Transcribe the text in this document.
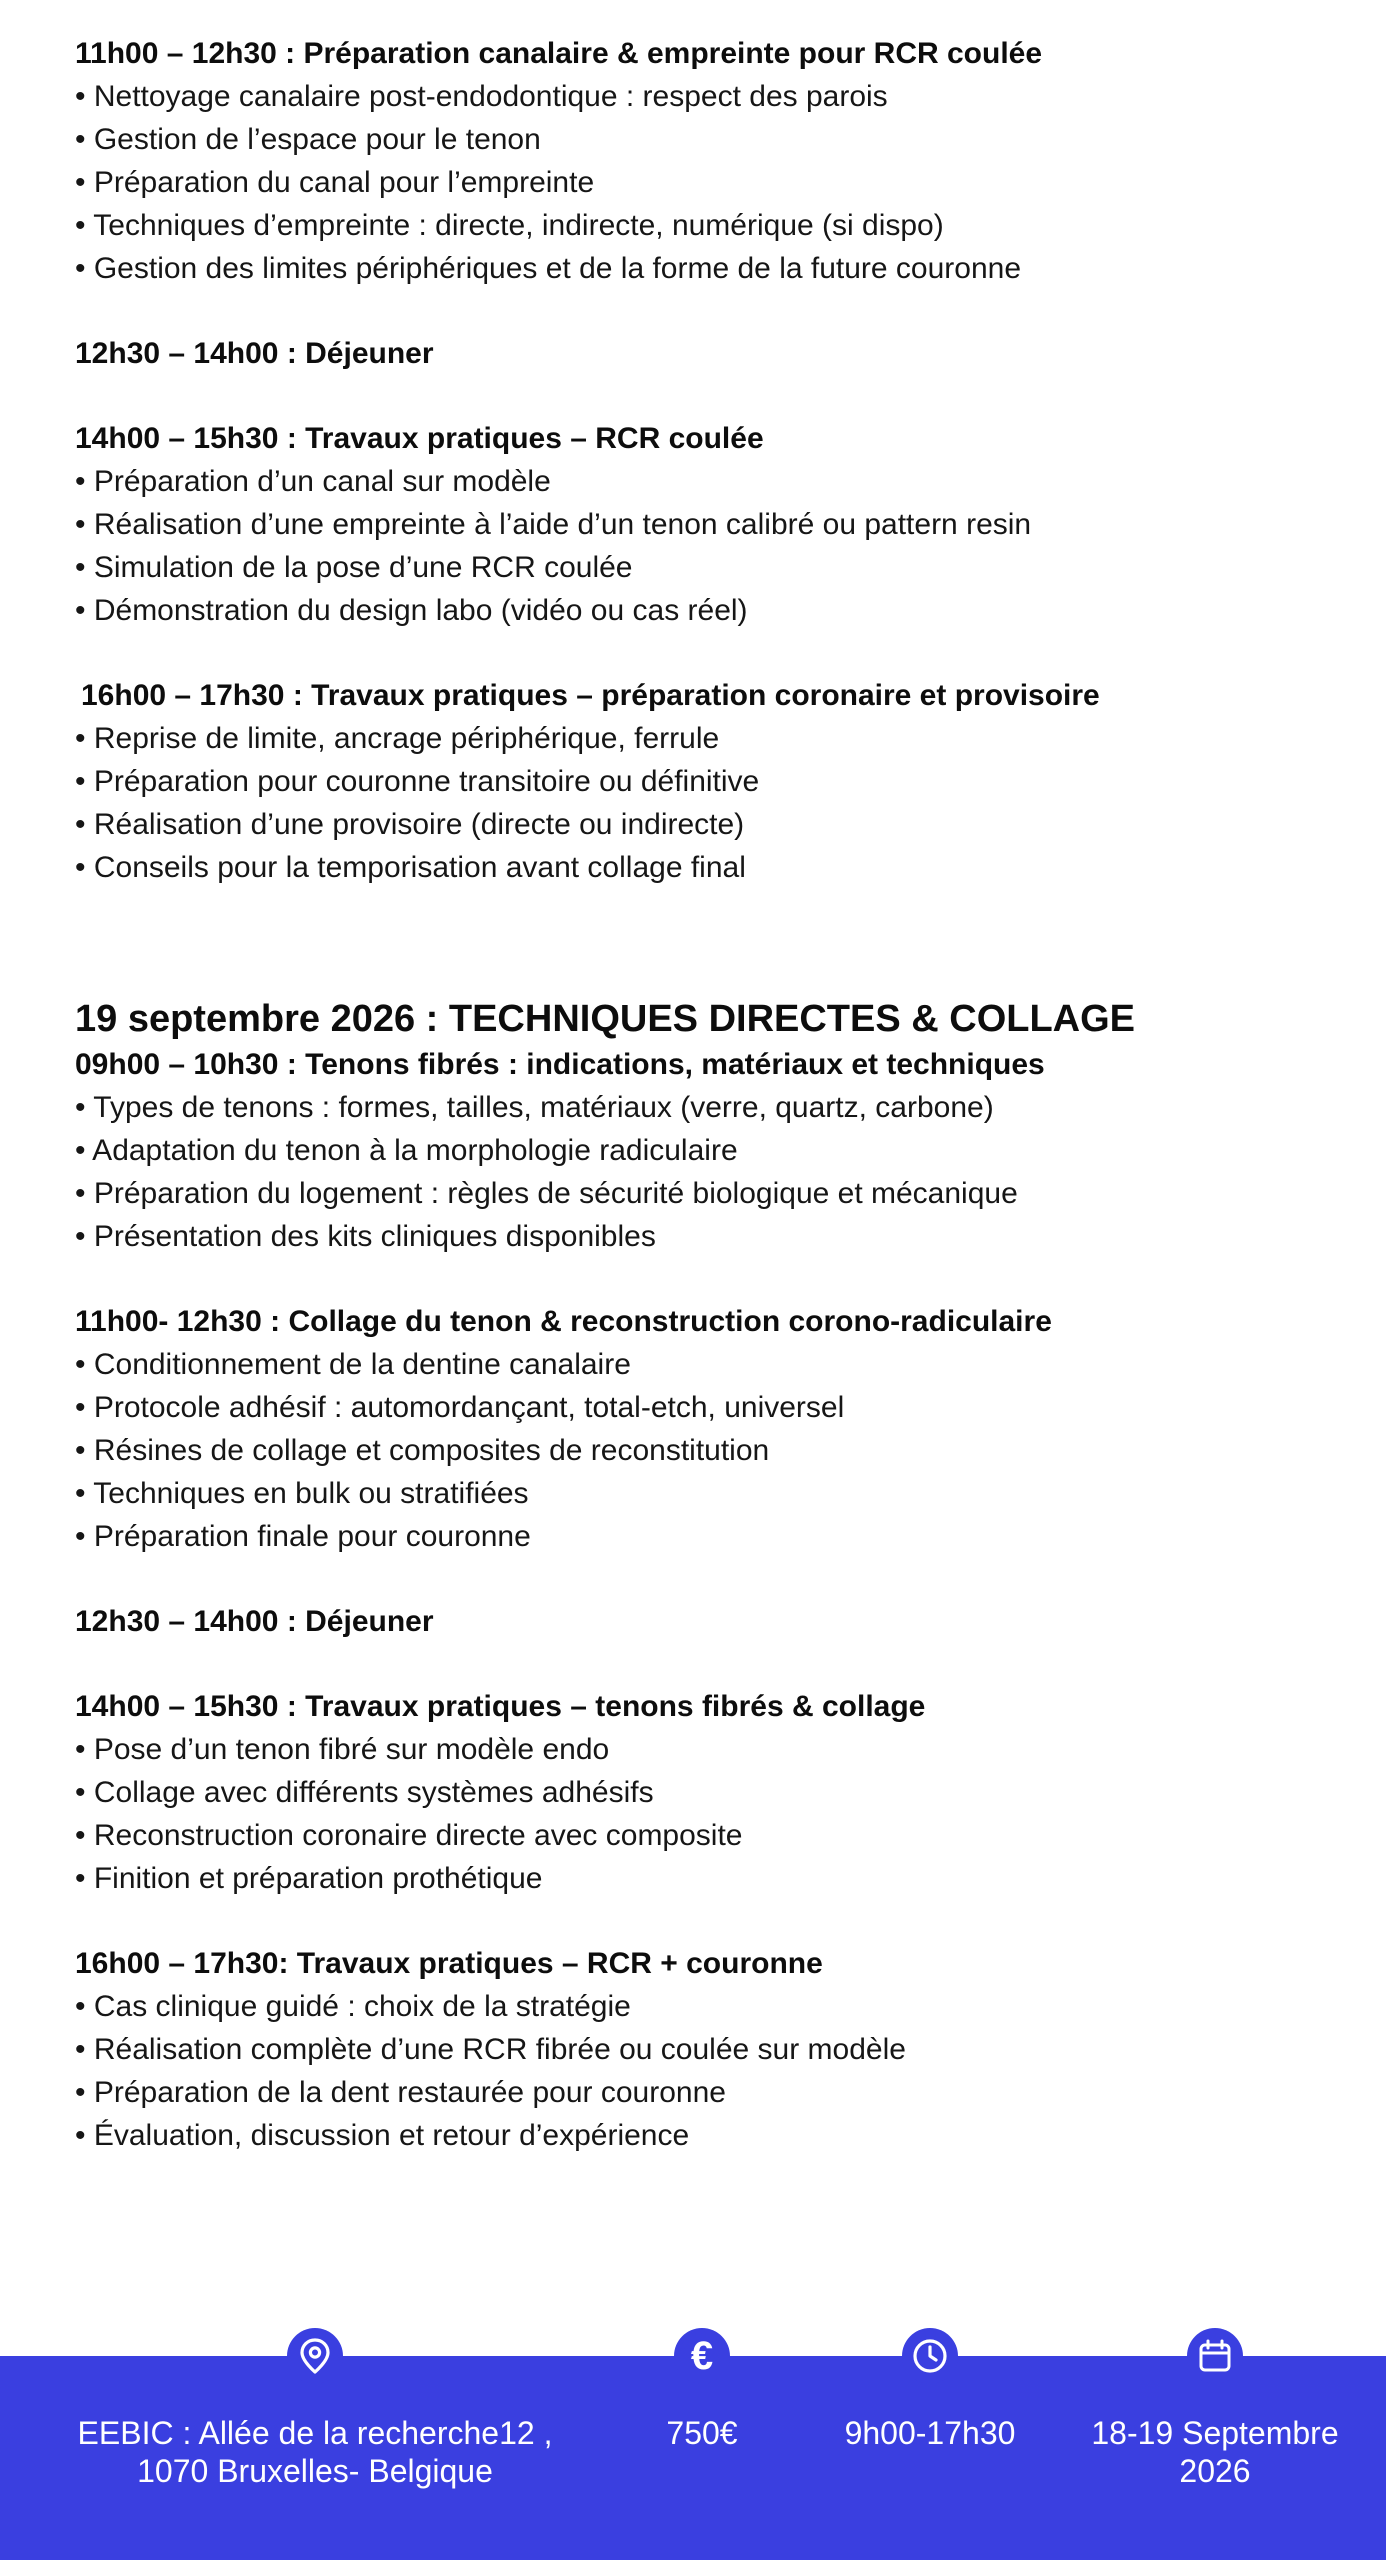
11h00 – 12h30 : Préparation canalaire & empreinte pour RCR coulée

• Nettoyage canalaire post-endodontique : respect des parois

• Gestion de l’espace pour le tenon

• Préparation du canal pour l’empreinte

• Techniques d’empreinte : directe, indirecte, numérique (si dispo)

• Gestion des limites périphériques et de la forme de la future couronne

12h30 – 14h00 : Déjeuner

14h00 – 15h30 : Travaux pratiques – RCR coulée

• Préparation d’un canal sur modèle

• Réalisation d’une empreinte à l’aide d’un tenon calibré ou pattern resin

• Simulation de la pose d’une RCR coulée

• Démonstration du design labo (vidéo ou cas réel)

16h00 – 17h30 : Travaux pratiques – préparation coronaire et provisoire

• Reprise de limite, ancrage périphérique, ferrule

• Préparation pour couronne transitoire ou définitive

• Réalisation d’une provisoire (directe ou indirecte)

• Conseils pour la temporisation avant collage final

19 septembre 2026 : TECHNIQUES DIRECTES & COLLAGE

09h00 – 10h30 : Tenons fibrés : indications, matériaux et techniques

• Types de tenons : formes, tailles, matériaux (verre, quartz, carbone)

• Adaptation du tenon à la morphologie radiculaire

• Préparation du logement : règles de sécurité biologique et mécanique

• Présentation des kits cliniques disponibles

11h00- 12h30 : Collage du tenon & reconstruction corono-radiculaire

• Conditionnement de la dentine canalaire

• Protocole adhésif : automordançant, total-etch, universel

• Résines de collage et composites de reconstitution

• Techniques en bulk ou stratifiées

• Préparation finale pour couronne

12h30 – 14h00 : Déjeuner

14h00 – 15h30 : Travaux pratiques – tenons fibrés & collage

• Pose d’un tenon fibré sur modèle endo

• Collage avec différents systèmes adhésifs

• Reconstruction coronaire directe avec composite

• Finition et préparation prothétique

16h00 – 17h30: Travaux pratiques – RCR + couronne

• Cas clinique guidé : choix de la stratégie

• Réalisation complète d’une RCR fibrée ou coulée sur modèle

• Préparation de la dent restaurée pour couronne

• Évaluation, discussion et retour d’expérience

EEBIC : Allée de la recherche12 ,
1070 Bruxelles- Belgique
€
750€	9h00-17h30	18-19 Septembre
2026
